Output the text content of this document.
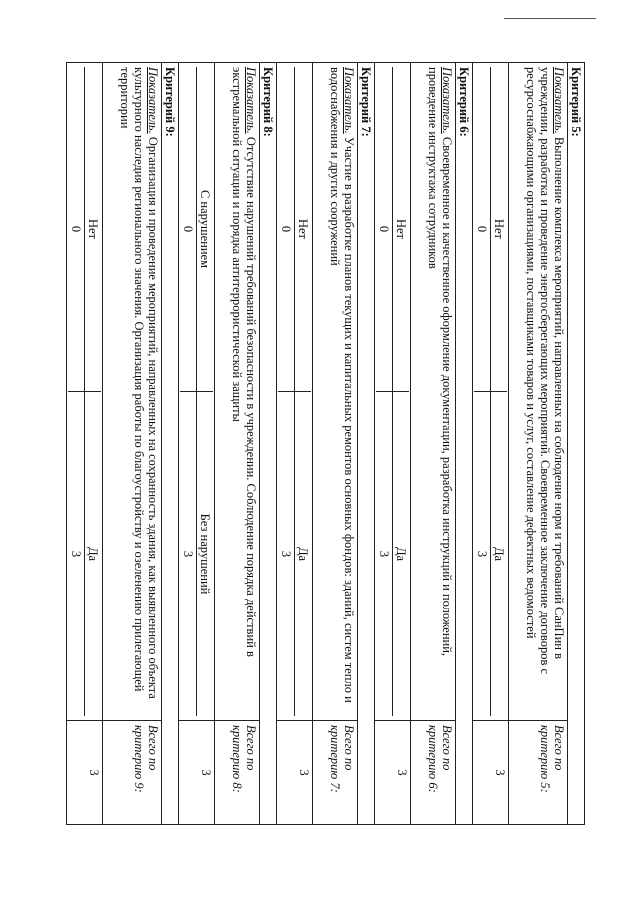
Критерий 5:
Показатель. Выполнение комплекса мероприятий, направленных на соблюдение норм и требований СанПин в учреждении, разработка и проведение энергосберегающих мероприятий. Своевременное заключение договоров с ресурсоснабжающими организациями, поставщиками товаров и услуг, составление дефектных ведомостей	Всего по критерию 5:

Нет	Да
0	3
	3
Критерий 6:
Показатель. Своевременное и качественное оформление документации, разработка инструкций и положений, проведение инструктажа сотрудников	Всего по критерию 6:

Нет	Да
0	3
	3
Критерий 7:
Показатель. Участие в разработке планов текущих и капитальных ремонтов основных фондов: зданий, систем тепло и водоснабжения и других сооружений	Всего по критерию 7:

Нет	Да
0	3
	3
Критерий 8:
Показатель. Отсутствие нарушений требований безопасности в учреждении. Соблюдение порядка действий в экстремальной ситуации и порядка антитеррористической защиты	Всего по критерию 8:

С нарушением	Без нарушений
0	3
	3
Критерий 9:
Показатель. Организация и проведение мероприятий, направленных на сохранность здания, как выявленного объекта культурного наследия регионального значения. Организация работы по благоустройству и озеленению прилегающей территории	Всего по критерию 9:

Нет	Да
0	3
	3
